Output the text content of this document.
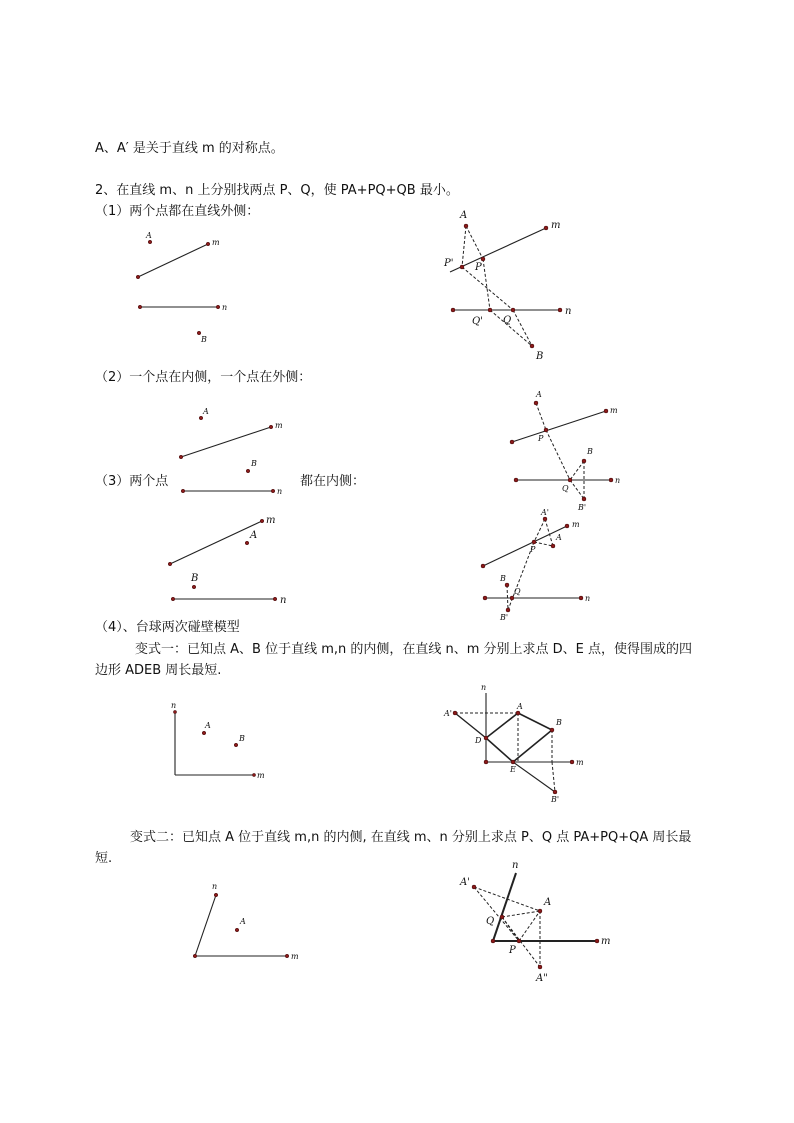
A、A′ 是关于直线 m 的对称点。
2、在直线 m、n 上分别找两点 P、Q，使 PA+PQ+QB 最小。
（1）两个点都在直线外侧：
（2）一个点在内侧，一个点在外侧：
（3）两个点	都在内侧：
（4）、台球两次碰壁模型
变式一：已知点 A、B 位于直线 m,n 的内侧，在直线 n、m 分别上求点 D、E 点，使得围成的四边形 ADEB 周长最短.
变式二：已知点 A 位于直线 m,n 的内侧, 在直线 m、n 分别上求点 P、Q 点 PA+PQ+QA 周长最短.
A
m
n
B
A
m
P' P
n
Q' Q
B
A
m
B
n
A
m
P
B
Q
n
B'
m
A
B
n
A'
m
A
P
B
Q
n
B'
n
A
B
m
n
A'
A
B
D
E
m
B'
n
A
m
n
A'
A
Q
P
m
A"
